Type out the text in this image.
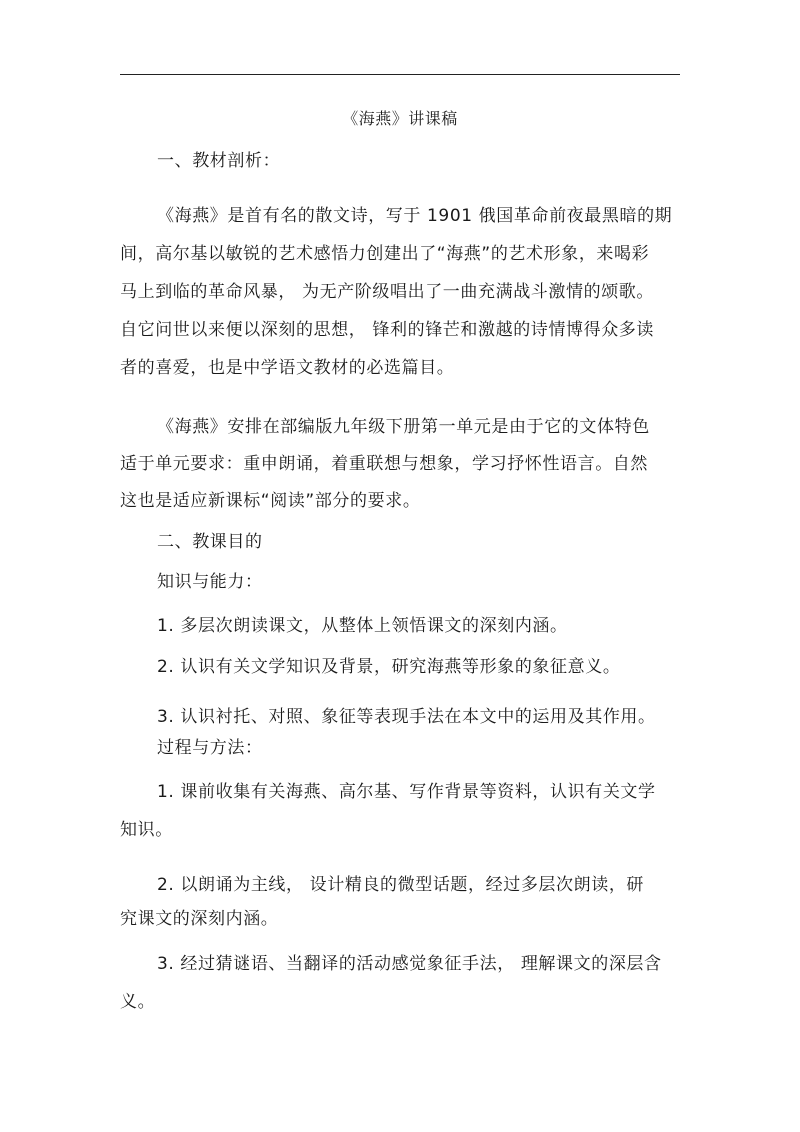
《海燕》讲课稿
一、教材剖析：
《海燕》是首有名的散文诗，写于 1901 俄国革命前夜最黑暗的期
间，高尔基以敏锐的艺术感悟力创建出了“海燕”的艺术形象，来喝彩
马上到临的革命风暴， 为无产阶级唱出了一曲充满战斗激情的颂歌。
自它问世以来便以深刻的思想， 锋利的锋芒和激越的诗情博得众多读
者的喜爱，也是中学语文教材的必选篇目。
《海燕》安排在部编版九年级下册第一单元是由于它的文体特色
适于单元要求：重申朗诵，着重联想与想象，学习抒怀性语言。自然
这也是适应新课标“阅读”部分的要求。
二、教课目的
知识与能力：
1. 多层次朗读课文，从整体上领悟课文的深刻内涵。
2. 认识有关文学知识及背景，研究海燕等形象的象征意义。
3. 认识衬托、对照、象征等表现手法在本文中的运用及其作用。
过程与方法：
1. 课前收集有关海燕、高尔基、写作背景等资料，认识有关文学
知识。
2. 以朗诵为主线， 设计精良的微型话题，经过多层次朗读，研
究课文的深刻内涵。
3. 经过猜谜语、当翻译的活动感觉象征手法， 理解课文的深层含
义。
